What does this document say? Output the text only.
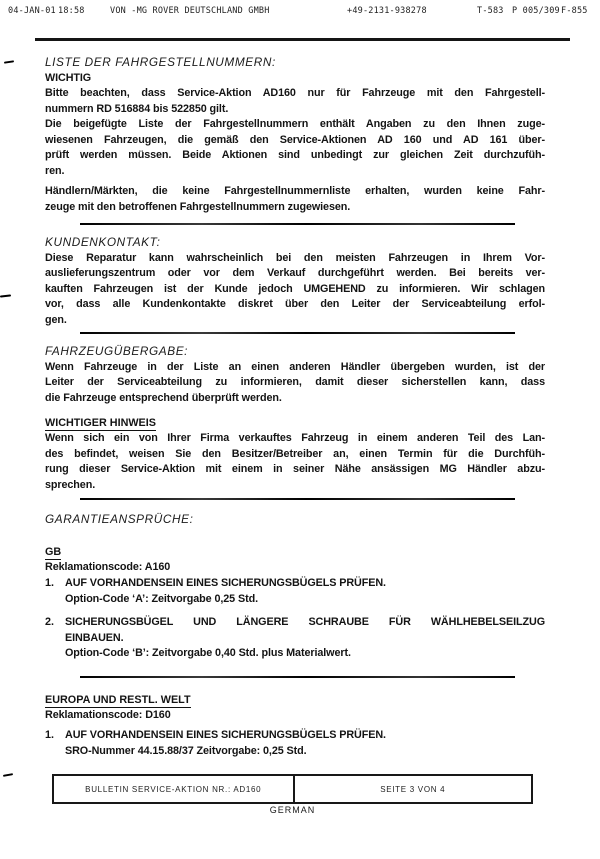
04-JAN-01 18:58	VON -MG ROVER DEUTSCHLAND GMBH	+49-2131-938278	T-583 P 005/309 F-855
LISTE DER FAHRGESTELLNUMMERN:
WICHTIG
Bitte beachten, dass Service-Aktion AD160 nur für Fahrzeuge mit den Fahrgestell-
nummern RD 516884 bis 522850 gilt.
Die beigefügte Liste der Fahrgestellnummern enthält Angaben zu den Ihnen zuge-
wiesenen Fahrzeugen, die gemäß den Service-Aktionen AD 160 und AD 161 über-
prüft werden müssen. Beide Aktionen sind unbedingt zur gleichen Zeit durchzufüh-
ren.
Händlern/Märkten, die keine Fahrgestellnummernliste erhalten, wurden keine Fahr-
zeuge mit den betroffenen Fahrgestellnummern zugewiesen.
KUNDENKONTAKT:
Diese Reparatur kann wahrscheinlich bei den meisten Fahrzeugen in Ihrem Vor-
auslieferungszentrum oder vor dem Verkauf durchgeführt werden. Bei bereits ver-
kauften Fahrzeugen ist der Kunde jedoch UMGEHEND zu informieren. Wir schlagen
vor, dass alle Kundenkontakte diskret über den Leiter der Serviceabteilung erfol-
gen.
FAHRZEUGÜBERGABE:
Wenn Fahrzeuge in der Liste an einen anderen Händler übergeben wurden, ist der
Leiter der Serviceabteilung zu informieren, damit dieser sicherstellen kann, dass
die Fahrzeuge entsprechend überprüft werden.
WICHTIGER HINWEIS
Wenn sich ein von Ihrer Firma verkauftes Fahrzeug in einem anderen Teil des Lan-
des befindet, weisen Sie den Besitzer/Betreiber an, einen Termin für die Durchfüh-
rung dieser Service-Aktion mit einem in seiner Nähe ansässigen MG Händler abzu-
sprechen.
GARANTIEANSPRÜCHE:
GB
Reklamationscode: A160
1.	AUF VORHANDENSEIN EINES SICHERUNGSBÜGELS PRÜFEN.
Option-Code ‘A’: Zeitvorgabe 0,25 Std.
2.	SICHERUNGSBÜGEL UND LÄNGERE SCHRAUBE FÜR WÄHLHEBELSEILZUG
EINBAUEN.
Option-Code ‘B’: Zeitvorgabe 0,40 Std. plus Materialwert.
EUROPA UND RESTL. WELT
Reklamationscode: D160
1.	AUF VORHANDENSEIN EINES SICHERUNGSBÜGELS PRÜFEN.
SRO-Nummer 44.15.88/37 Zeitvorgabe: 0,25 Std.
BULLETIN SERVICE-AKTION NR.: AD160	SEITE 3 VON 4
GERMAN
